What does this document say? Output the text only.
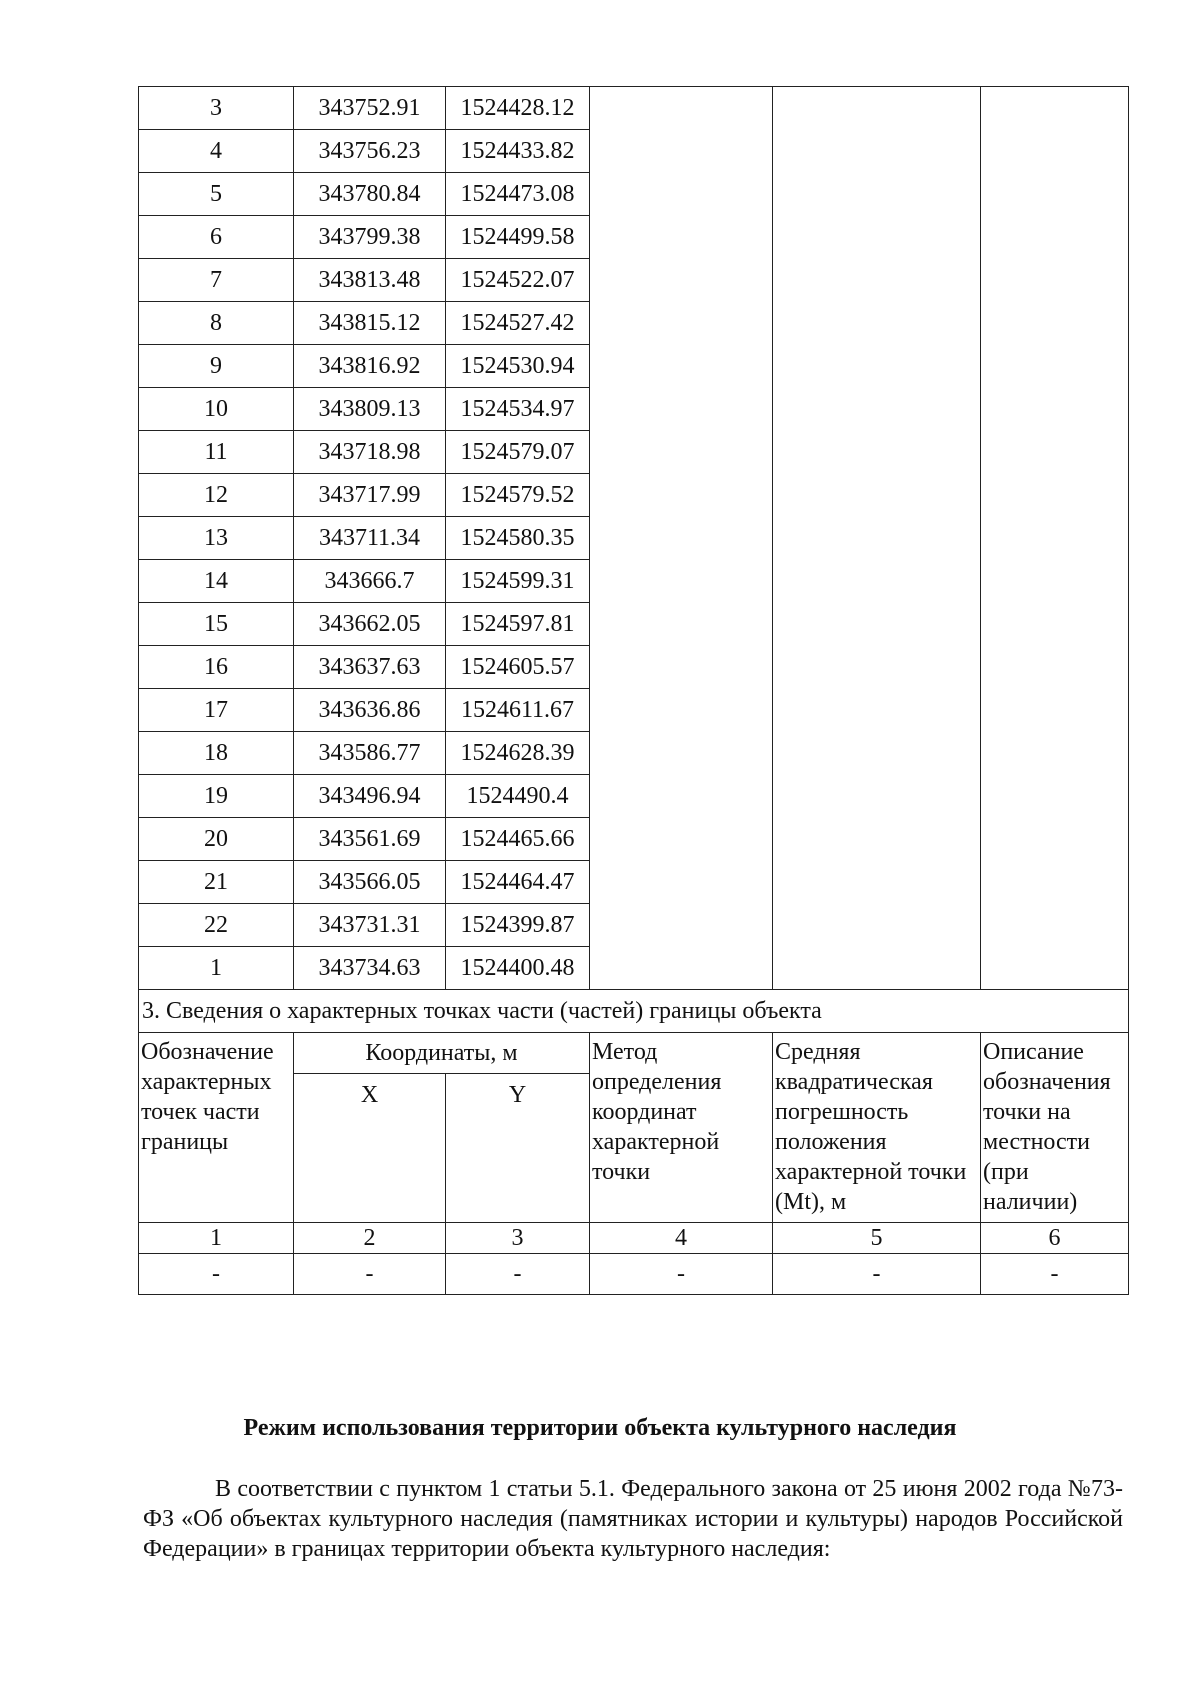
3	343752.91	1524428.12			
4	343756.23	1524433.82			
5	343780.84	1524473.08			
6	343799.38	1524499.58			
7	343813.48	1524522.07			
8	343815.12	1524527.42			
9	343816.92	1524530.94			
10	343809.13	1524534.97			
11	343718.98	1524579.07			
12	343717.99	1524579.52			
13	343711.34	1524580.35			
14	343666.7	1524599.31			
15	343662.05	1524597.81			
16	343637.63	1524605.57			
17	343636.86	1524611.67			
18	343586.77	1524628.39			
19	343496.94	1524490.4			
20	343561.69	1524465.66			
21	343566.05	1524464.47			
22	343731.31	1524399.87			
1	343734.63	1524400.48			
3. Сведения о характерных точках части (частей) границы объекта					
Обозначение характерных точек части границы	Координаты, м		Метод определения координат характерной точки	Средняя квадратическая погрешность положения характерной точки (Mt), м	Описание обозначения точки на местности (при наличии)
	X	Y			
1	2	3	4	5	6
-	-	-	-	-	-
Режим использования территории объекта культурного наследия

В соответствии с пунктом 1 статьи 5.1. Федерального закона от 25 июня 2002 года №73-ФЗ «Об объектах культурного наследия (памятниках истории и культуры) народов Российской Федерации» в границах территории объекта культурного наследия:
